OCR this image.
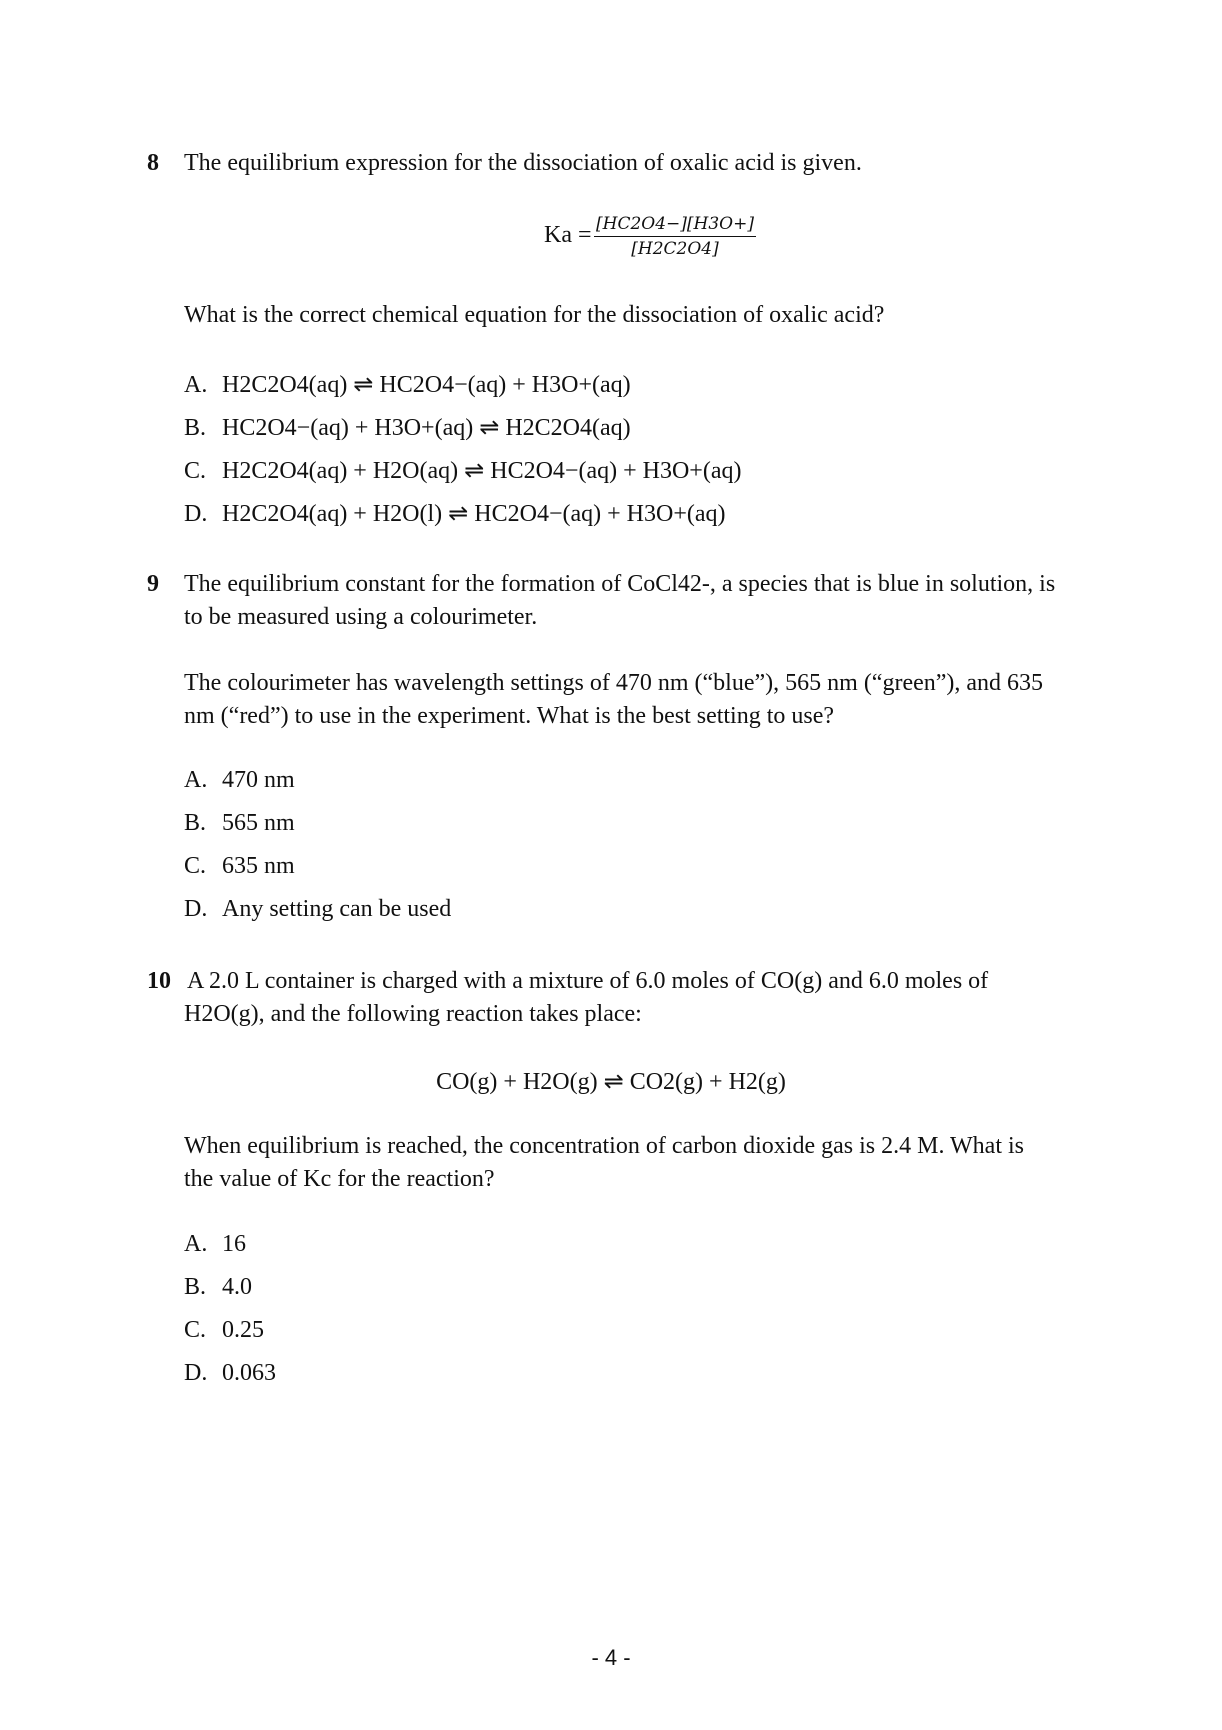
8 The equilibrium expression for the dissociation of oxalic acid is given.
Ka = [HC2O4−][H3O+]
[H2C2O4]
What is the correct chemical equation for the dissociation of oxalic acid?
A. H2C2O4(aq) ⇌ HC2O4−(aq) + H3O+(aq)
B. HC2O4−(aq) + H3O+(aq) ⇌ H2C2O4(aq)
C. H2C2O4(aq) + H2O(aq) ⇌ HC2O4−(aq) + H3O+(aq)
D. H2C2O4(aq) + H2O(l) ⇌ HC2O4−(aq) + H3O+(aq)
9 The equilibrium constant for the formation of CoCl42-, a species that is blue in solution, is
to be measured using a colourimeter.
The colourimeter has wavelength settings of 470 nm (“blue”), 565 nm (“green”), and 635
nm (“red”) to use in the experiment. What is the best setting to use?
A. 470 nm
B. 565 nm
C. 635 nm
D. Any setting can be used
10 A 2.0 L container is charged with a mixture of 6.0 moles of CO(g) and 6.0 moles of
H2O(g), and the following reaction takes place:
CO(g) + H2O(g) ⇌ CO2(g) + H2(g)
When equilibrium is reached, the concentration of carbon dioxide gas is 2.4 M. What is
the value of Kc for the reaction?
A. 16
B. 4.0
C. 0.25
D. 0.063
- 4 -
